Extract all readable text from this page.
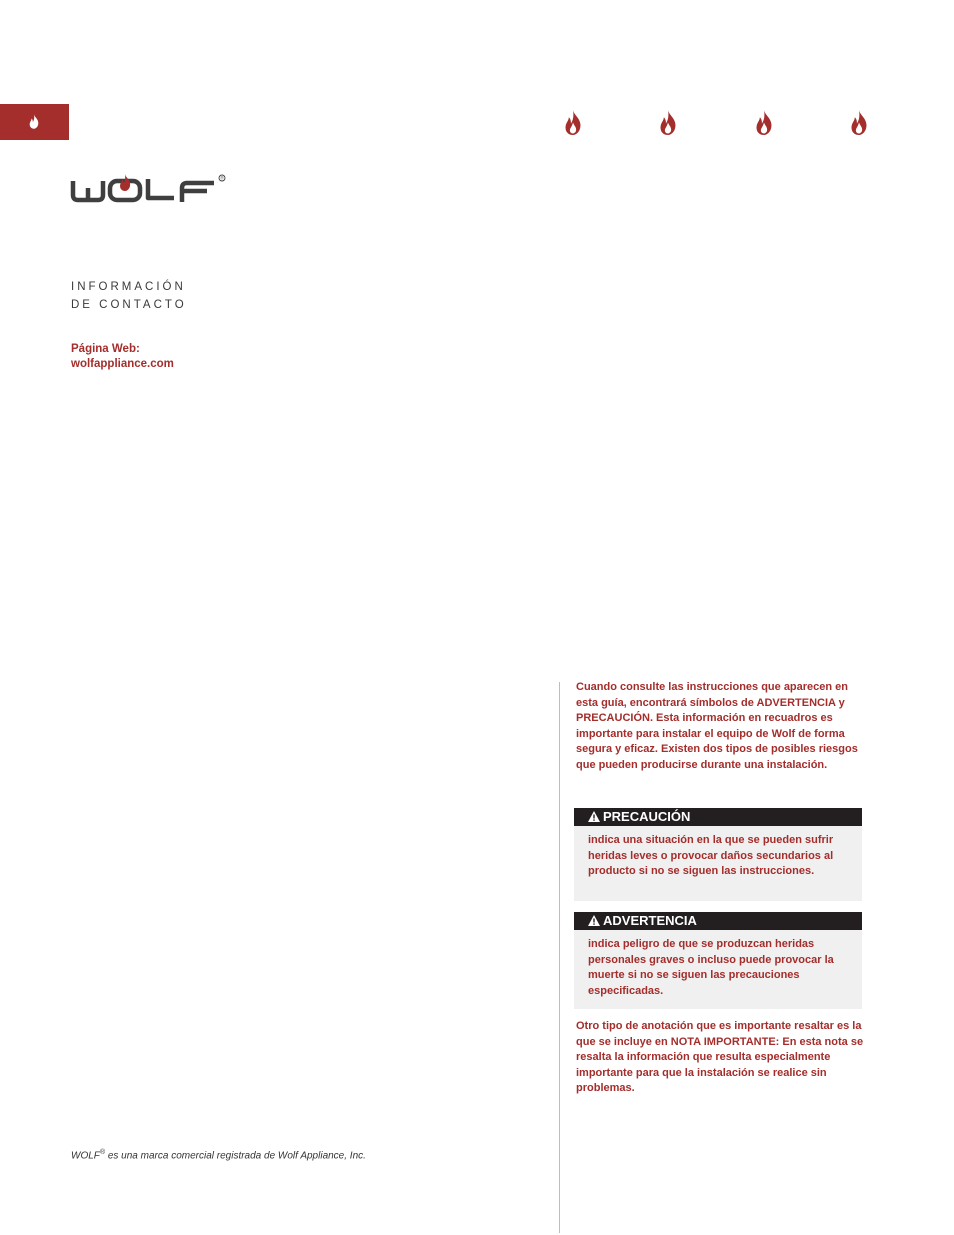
®
INFORMACIÓN
DE CONTACTO
Página Web:
wolfappliance.com
Cuando consulte las instrucciones que aparecen en esta guía, encontrará símbolos de ADVERTENCIA y PRECAUCIÓN. Esta información en recuadros es importante para instalar el equipo de Wolf de forma segura y eficaz. Existen dos tipos de posibles riesgos que pueden producirse durante una instalación.
PRECAUCIÓN
indica una situación en la que se pueden sufrir heridas leves o provocar daños secundarios al producto si no se siguen las instrucciones.
ADVERTENCIA
indica peligro de que se produzcan heridas personales graves o incluso puede provocar la muerte si no se siguen las precauciones especificadas.
Otro tipo de anotación que es importante resaltar es la que se incluye en NOTA IMPORTANTE: En esta nota se resalta la información que resulta especialmente importante para que la instalación se realice sin problemas.
WOLF® es una marca comercial registrada de Wolf Appliance, Inc.
